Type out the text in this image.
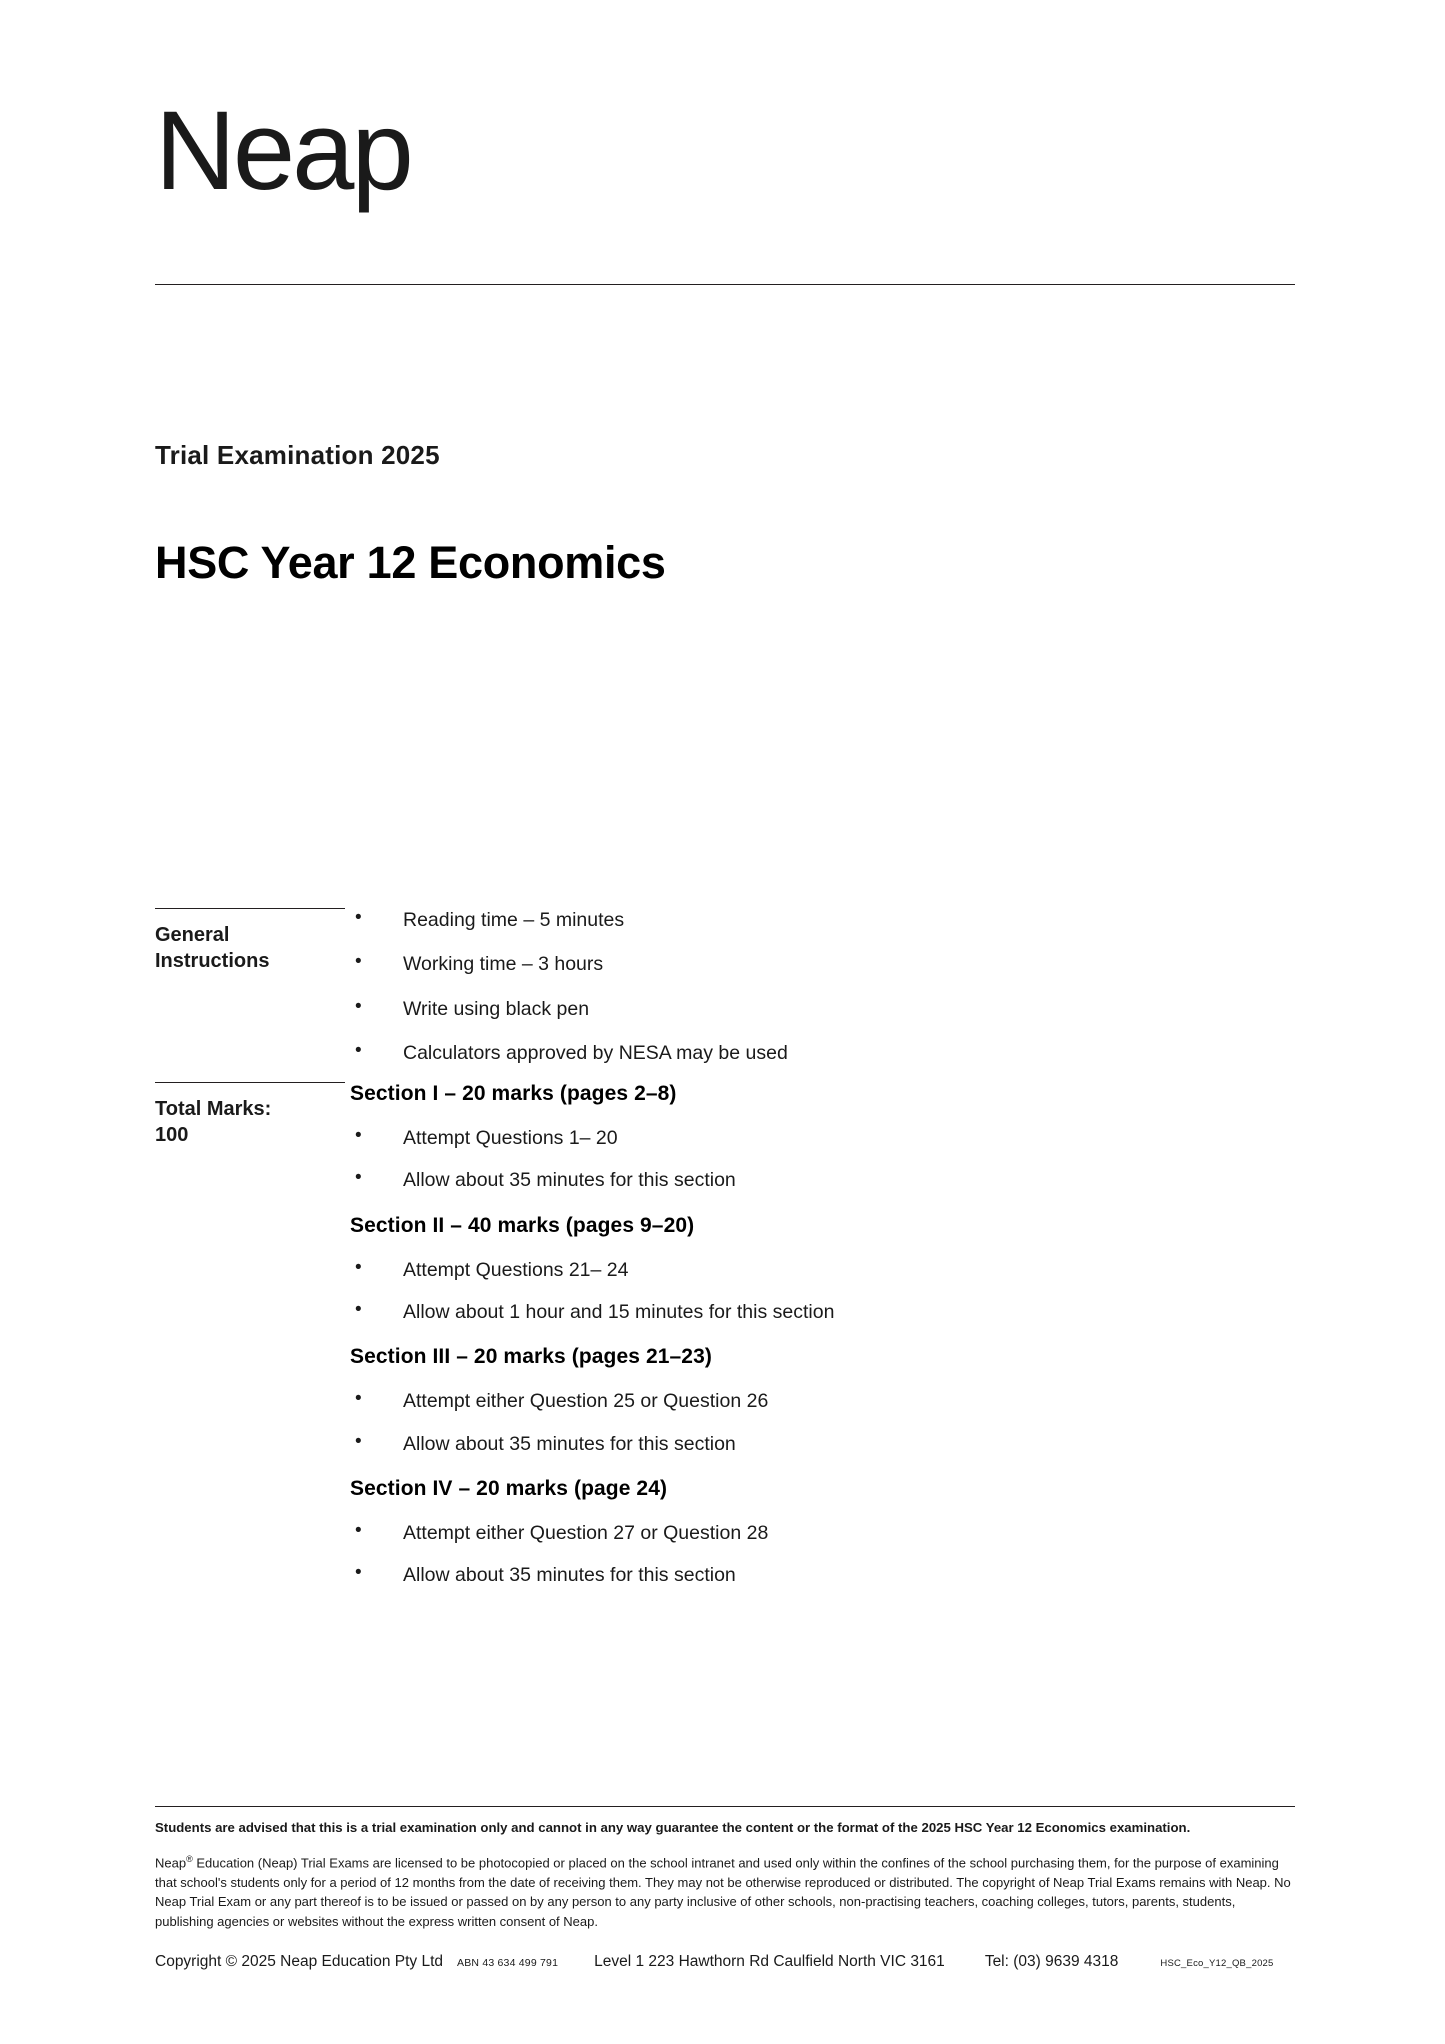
Neap
Trial Examination 2025
HSC Year 12 Economics
General
Instructions
• Reading time – 5 minutes
• Working time – 3 hours
• Write using black pen
• Calculators approved by NESA may be used
Total Marks:
100
Section I – 20 marks (pages 2–8)
• Attempt Questions 1– 20
• Allow about 35 minutes for this section
Section II – 40 marks (pages 9–20)
• Attempt Questions 21– 24
• Allow about 1 hour and 15 minutes for this section
Section III – 20 marks (pages 21–23)
• Attempt either Question 25 or Question 26
• Allow about 35 minutes for this section
Section IV – 20 marks (page 24)
• Attempt either Question 27 or Question 28
• Allow about 35 minutes for this section
Students are advised that this is a trial examination only and cannot in any way guarantee the content or the format of the 2025 HSC Year 12 Economics examination.
Neap® Education (Neap) Trial Exams are licensed to be photocopied or placed on the school intranet and used only within the confines of the school purchasing them, for the purpose of examining that school's students only for a period of 12 months from the date of receiving them. They may not be otherwise reproduced or distributed. The copyright of Neap Trial Exams remains with Neap. No Neap Trial Exam or any part thereof is to be issued or passed on by any person to any party inclusive of other schools, non-practising teachers, coaching colleges, tutors, parents, students, publishing agencies or websites without the express written consent of Neap.
Copyright © 2025 Neap Education Pty Ltd ABN 43 634 499 791 Level 1 223 Hawthorn Rd Caulfield North VIC 3161	Tel: (03) 9639 4318	HSC_Eco_Y12_QB_2025
